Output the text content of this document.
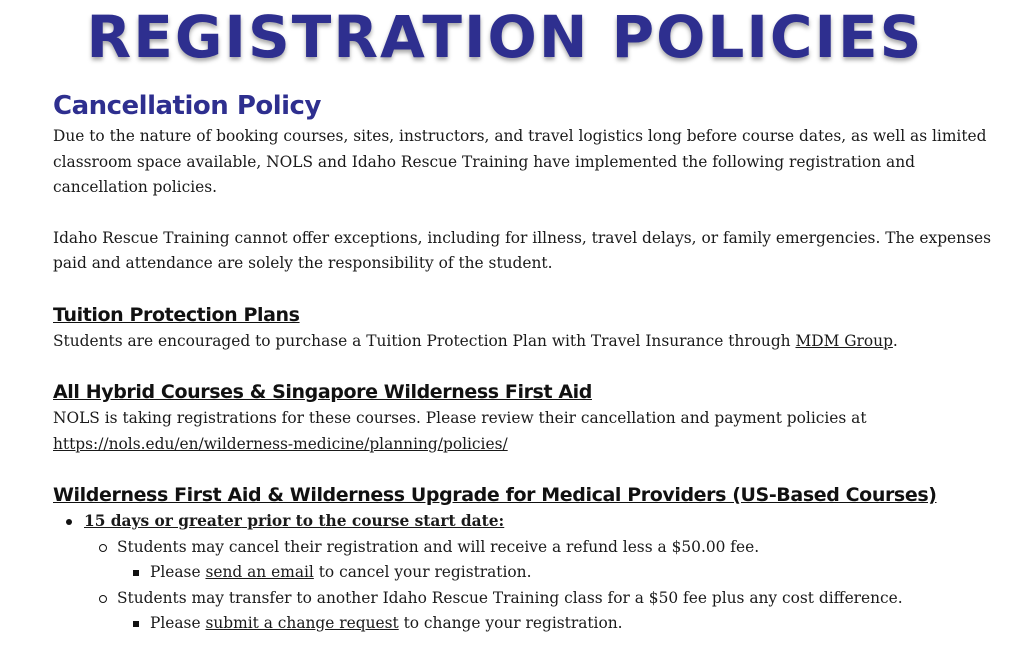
REGISTRATION POLICIES
Cancellation Policy

Due to the nature of booking courses, sites, instructors, and travel logistics long before course dates, as well as limited classroom space available, NOLS and Idaho Rescue Training have implemented the following registration and cancellation policies.

Idaho Rescue Training cannot offer exceptions, including for illness, travel delays, or family emergencies. The expenses paid and attendance are solely the responsibility of the student.

Tuition Protection Plans

Students are encouraged to purchase a Tuition Protection Plan with Travel Insurance through MDM Group.

All Hybrid Courses & Singapore Wilderness First Aid

NOLS is taking registrations for these courses. Please review their cancellation and payment policies at
https://nols.edu/en/wilderness-medicine/planning/policies/

Wilderness First Aid & Wilderness Upgrade for Medical Providers (US-Based Courses)
15 days or greater prior to the course start date:
Students may cancel their registration and will receive a refund less a $50.00 fee.
Please send an email to cancel your registration.
Students may transfer to another Idaho Rescue Training class for a $50 fee plus any cost difference.
Please submit a change request to change your registration.
